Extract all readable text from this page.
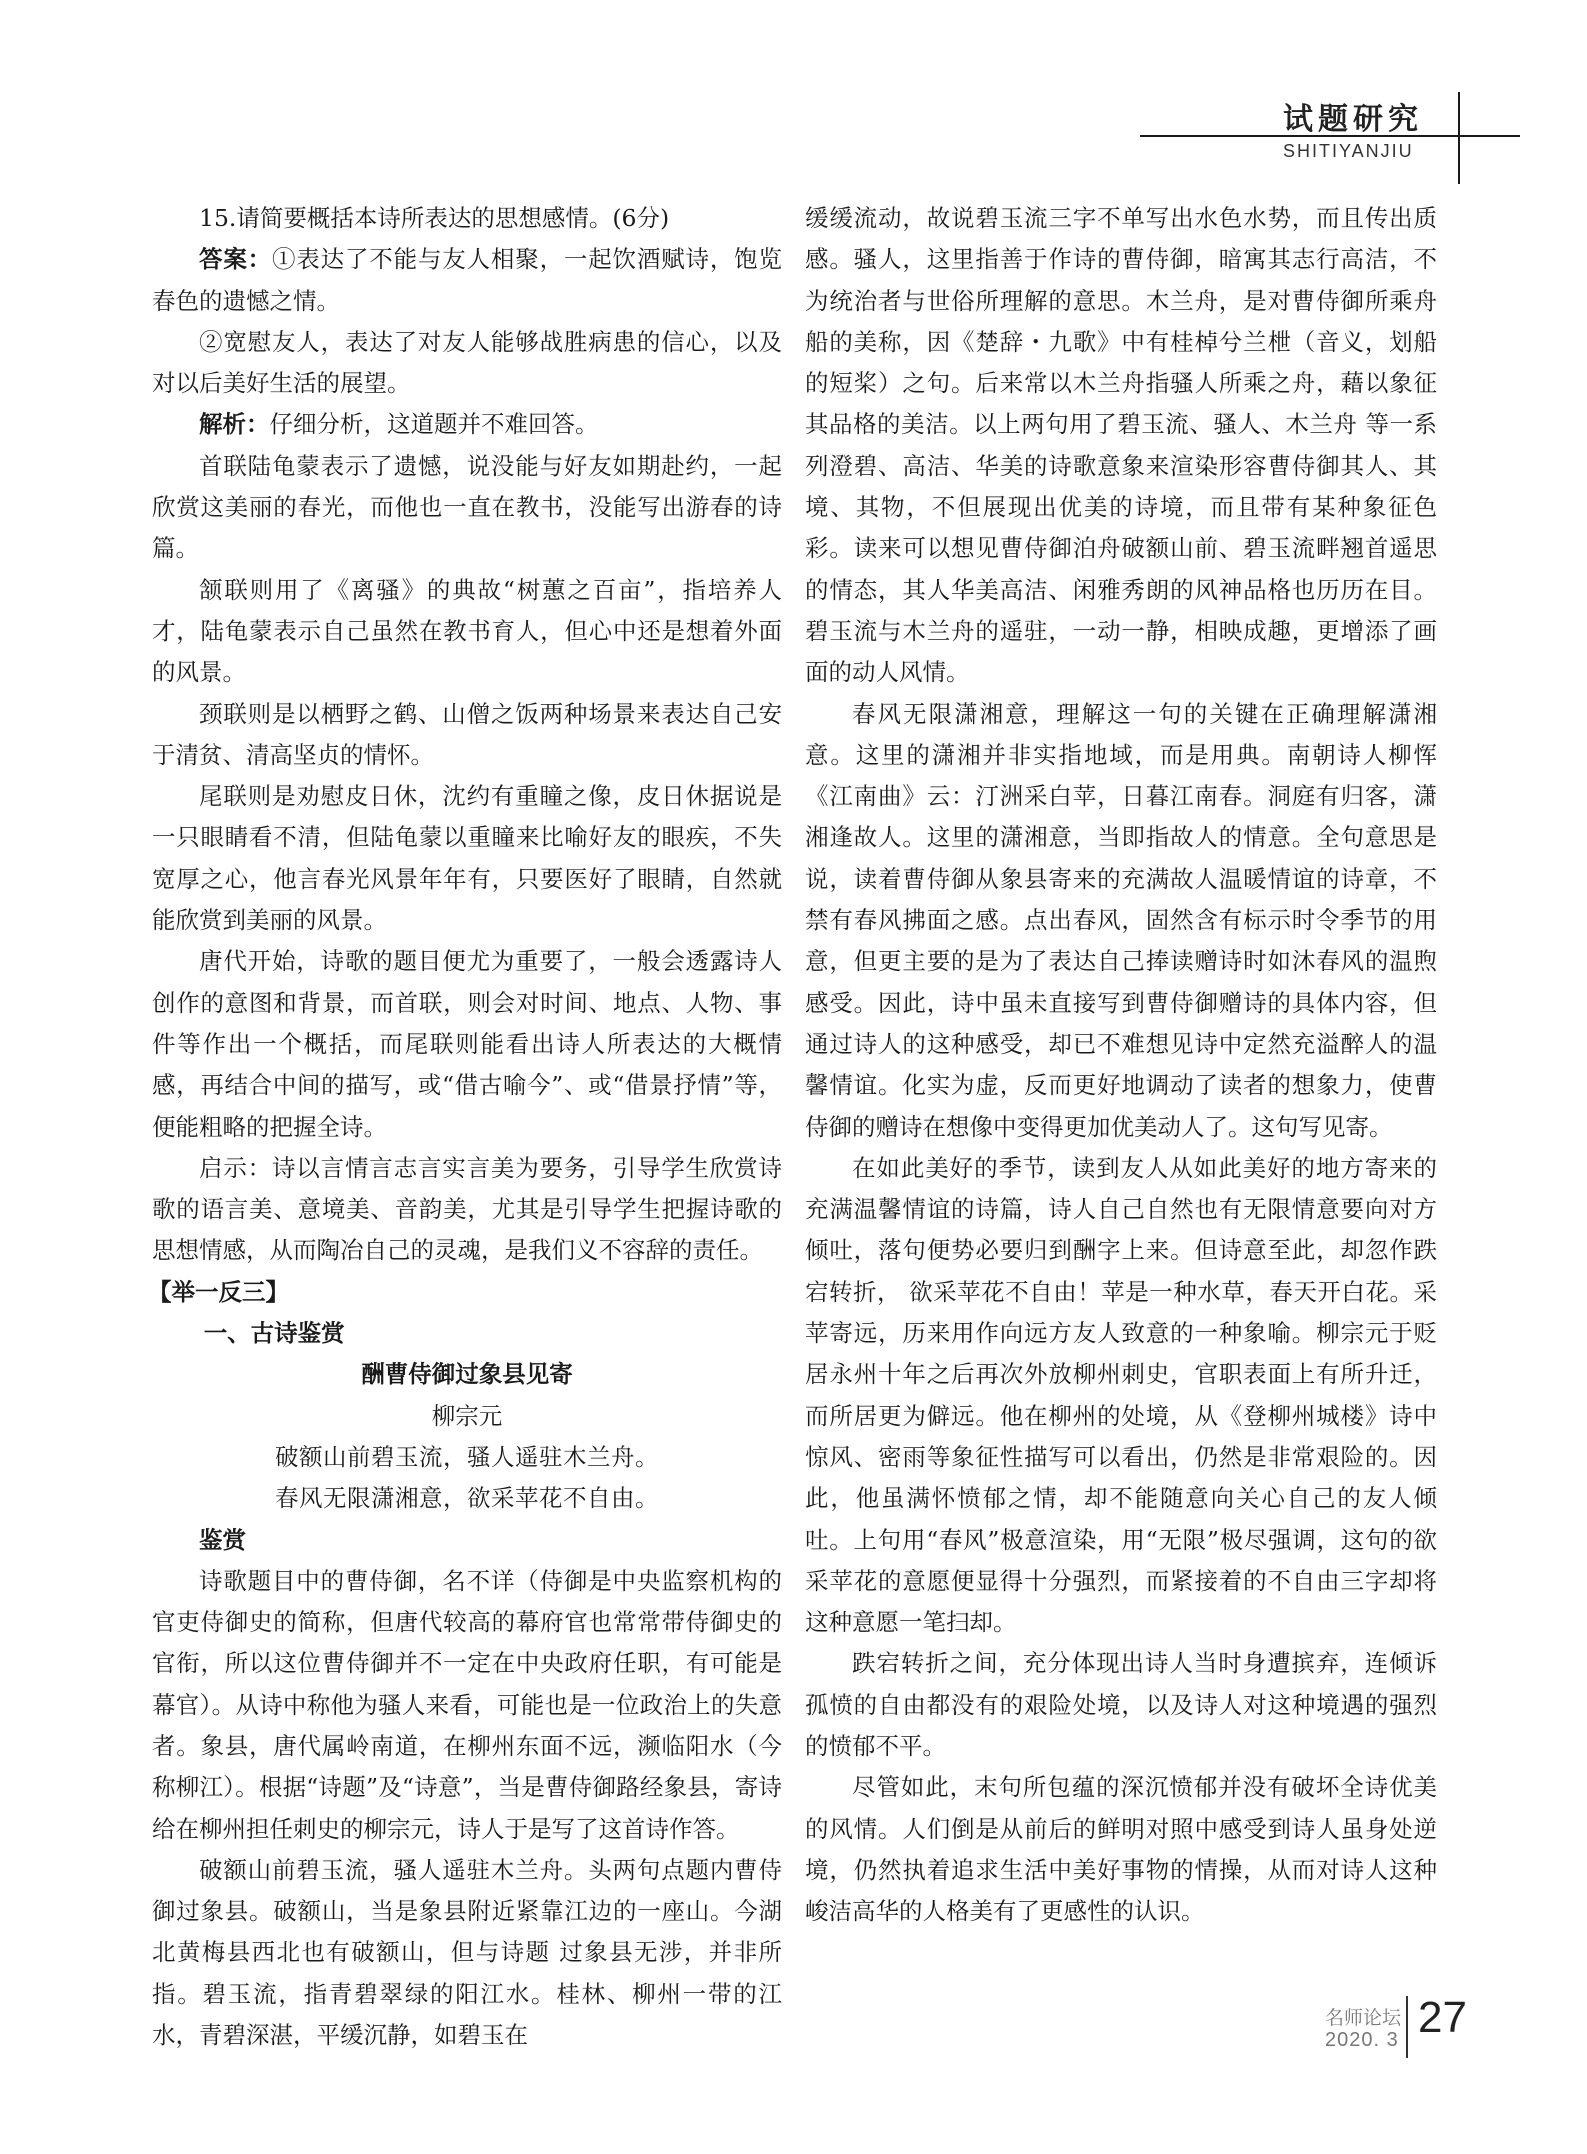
试题研究
SHITIYANJIU

15.请简要概括本诗所表达的思想感情。(6分)

答案：①表达了不能与友人相聚，一起饮酒赋诗，饱览春色的遗憾之情。

②宽慰友人，表达了对友人能够战胜病患的信心，以及对以后美好生活的展望。

解析：仔细分析，这道题并不难回答。

首联陆龟蒙表示了遗憾，说没能与好友如期赴约，一起欣赏这美丽的春光，而他也一直在教书，没能写出游春的诗篇。

颔联则用了《离骚》的典故“树蕙之百亩”，指培养人才，陆龟蒙表示自己虽然在教书育人，但心中还是想着外面的风景。

颈联则是以栖野之鹤、山僧之饭两种场景来表达自己安于清贫、清高坚贞的情怀。

尾联则是劝慰皮日休，沈约有重瞳之像，皮日休据说是一只眼睛看不清，但陆龟蒙以重瞳来比喻好友的眼疾，不失宽厚之心，他言春光风景年年有，只要医好了眼睛，自然就能欣赏到美丽的风景。

唐代开始，诗歌的题目便尤为重要了，一般会透露诗人创作的意图和背景，而首联，则会对时间、地点、人物、事件等作出一个概括，而尾联则能看出诗人所表达的大概情感，再结合中间的描写，或“借古喻今”、或“借景抒情”等，便能粗略的把握全诗。

启示：诗以言情言志言实言美为要务，引导学生欣赏诗歌的语言美、意境美、音韵美，尤其是引导学生把握诗歌的思想情感，从而陶冶自己的灵魂，是我们义不容辞的责任。

【举一反三】

一、古诗鉴赏

酬曹侍御过象县见寄

柳宗元

破额山前碧玉流，骚人遥驻木兰舟。

春风无限潇湘意，欲采苹花不自由。

鉴赏

诗歌题目中的曹侍御，名不详（侍御是中央监察机构的官吏侍御史的简称，但唐代较高的幕府官也常常带侍御史的官衔，所以这位曹侍御并不一定在中央政府任职，有可能是幕官）。从诗中称他为骚人来看，可能也是一位政治上的失意者。象县，唐代属岭南道，在柳州东面不远，濒临阳水（今称柳江）。根据“诗题”及“诗意”，当是曹侍御路经象县，寄诗给在柳州担任刺史的柳宗元，诗人于是写了这首诗作答。

破额山前碧玉流，骚人遥驻木兰舟。头两句点题内曹侍御过象县。破额山，当是象县附近紧靠江边的一座山。今湖北黄梅县西北也有破额山，但与诗题 过象县无涉，并非所指。碧玉流，指青碧翠绿的阳江水。桂林、柳州一带的江水，青碧深湛，平缓沉静，如碧玉在

缓缓流动，故说碧玉流三字不单写出水色水势，而且传出质感。骚人，这里指善于作诗的曹侍御，暗寓其志行高洁，不为统治者与世俗所理解的意思。木兰舟，是对曹侍御所乘舟船的美称，因《楚辞・九歌》中有桂棹兮兰枻（音义，划船的短桨）之句。后来常以木兰舟指骚人所乘之舟，藉以象征其品格的美洁。以上两句用了碧玉流、骚人、木兰舟 等一系列澄碧、高洁、华美的诗歌意象来渲染形容曹侍御其人、其境、其物，不但展现出优美的诗境，而且带有某种象征色彩。读来可以想见曹侍御泊舟破额山前、碧玉流畔翘首遥思的情态，其人华美高洁、闲雅秀朗的风神品格也历历在目。碧玉流与木兰舟的遥驻，一动一静，相映成趣，更增添了画面的动人风情。

春风无限潇湘意，理解这一句的关键在正确理解潇湘意。这里的潇湘并非实指地域，而是用典。南朝诗人柳恽《江南曲》云：汀洲采白苹，日暮江南春。洞庭有归客，潇湘逢故人。这里的潇湘意，当即指故人的情意。全句意思是说，读着曹侍御从象县寄来的充满故人温暖情谊的诗章，不禁有春风拂面之感。点出春风，固然含有标示时令季节的用意，但更主要的是为了表达自己捧读赠诗时如沐春风的温煦感受。因此，诗中虽未直接写到曹侍御赠诗的具体内容，但通过诗人的这种感受，却已不难想见诗中定然充溢醉人的温馨情谊。化实为虚，反而更好地调动了读者的想象力，使曹侍御的赠诗在想像中变得更加优美动人了。这句写见寄。

在如此美好的季节，读到友人从如此美好的地方寄来的充满温馨情谊的诗篇，诗人自己自然也有无限情意要向对方倾吐，落句便势必要归到酬字上来。但诗意至此，却忽作跌宕转折， 欲采苹花不自由！苹是一种水草，春天开白花。采苹寄远，历来用作向远方友人致意的一种象喻。柳宗元于贬居永州十年之后再次外放柳州刺史，官职表面上有所升迁，而所居更为僻远。他在柳州的处境，从《登柳州城楼》诗中惊风、密雨等象征性描写可以看出，仍然是非常艰险的。因此，他虽满怀愤郁之情，却不能随意向关心自己的友人倾吐。上句用“春风”极意渲染，用“无限”极尽强调，这句的欲采苹花的意愿便显得十分强烈，而紧接着的不自由三字却将这种意愿一笔扫却。

跌宕转折之间，充分体现出诗人当时身遭摈弃，连倾诉孤愤的自由都没有的艰险处境，以及诗人对这种境遇的强烈的愤郁不平。

尽管如此，末句所包蕴的深沉愤郁并没有破坏全诗优美的风情。人们倒是从前后的鲜明对照中感受到诗人虽身处逆境，仍然执着追求生活中美好事物的情操，从而对诗人这种峻洁高华的人格美有了更感性的认识。

名师论坛
2020. 3 27
